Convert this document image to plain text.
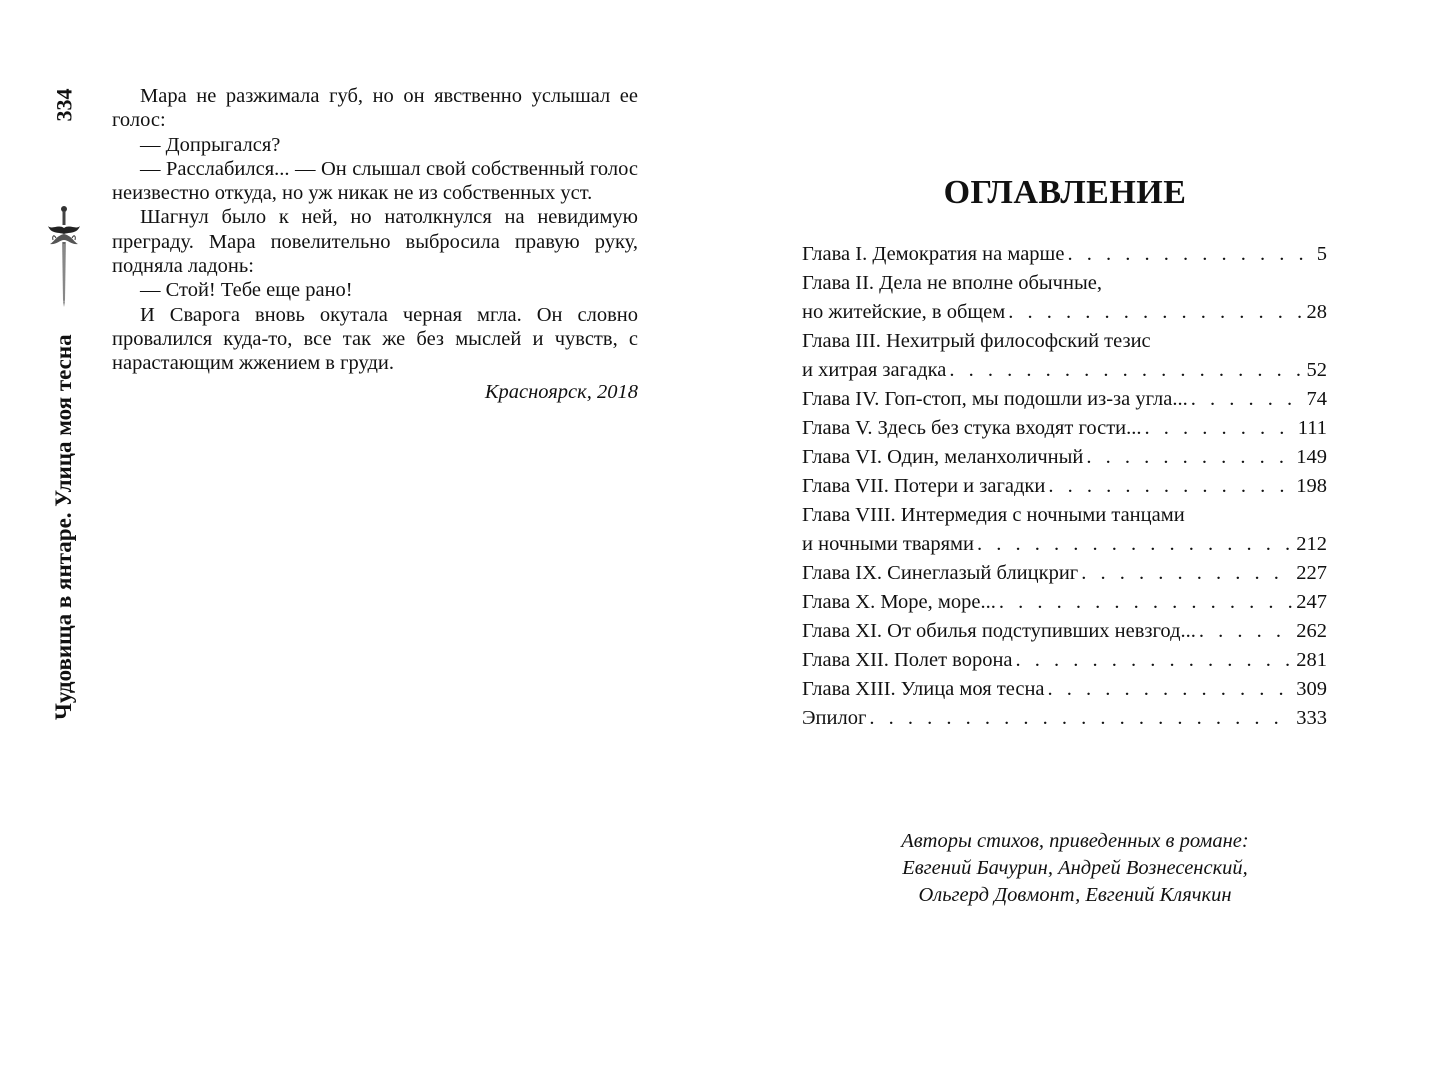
334
Чудовища в янтаре. Улица моя тесна

Мара не разжимала губ, но он явственно услышал ее голос:

— Допрыгался?

— Расслабился... — Он слышал свой собственный голос неизвестно откуда, но уж никак не из собственных уст.

Шагнул было к ней, но натолкнулся на невидимую преграду. Мара повелительно выбросила правую руку, подняла ладонь:

— Стой! Тебе еще рано!

И Сварога вновь окутала черная мгла. Он словно провалился куда-то, все так же без мыслей и чувств, с нарастающим жжением в груди.

Красноярск, 2018

ОГЛАВЛЕНИЕ
Глава I. Демократия на марше . . .	5
Глава II. Дела не вполне обычные,
но житейские, в общем . . .	28
Глава III. Нехитрый философский тезис
и хитрая загадка . . .	52
Глава IV. Гоп-стоп, мы подошли из-за угла... . . .	74
Глава V. Здесь без стука входят гости... . . .	111
Глава VI. Один, меланхоличный . . .	149
Глава VII. Потери и загадки . . .	198
Глава VIII. Интермедия с ночными танцами
и ночными тварями . . .	212
Глава IX. Синеглазый блицкриг . . .	227
Глава X. Море, море... . . .	247
Глава XI. От обилья подступивших невзгод... . . .	262
Глава XII. Полет ворона . . .	281
Глава XIII. Улица моя тесна . . .	309
Эпилог . . .	333
Авторы стихов, приведенных в романе:
Евгений Бачурин, Андрей Вознесенский,
Ольгерд Довмонт, Евгений Клячкин
